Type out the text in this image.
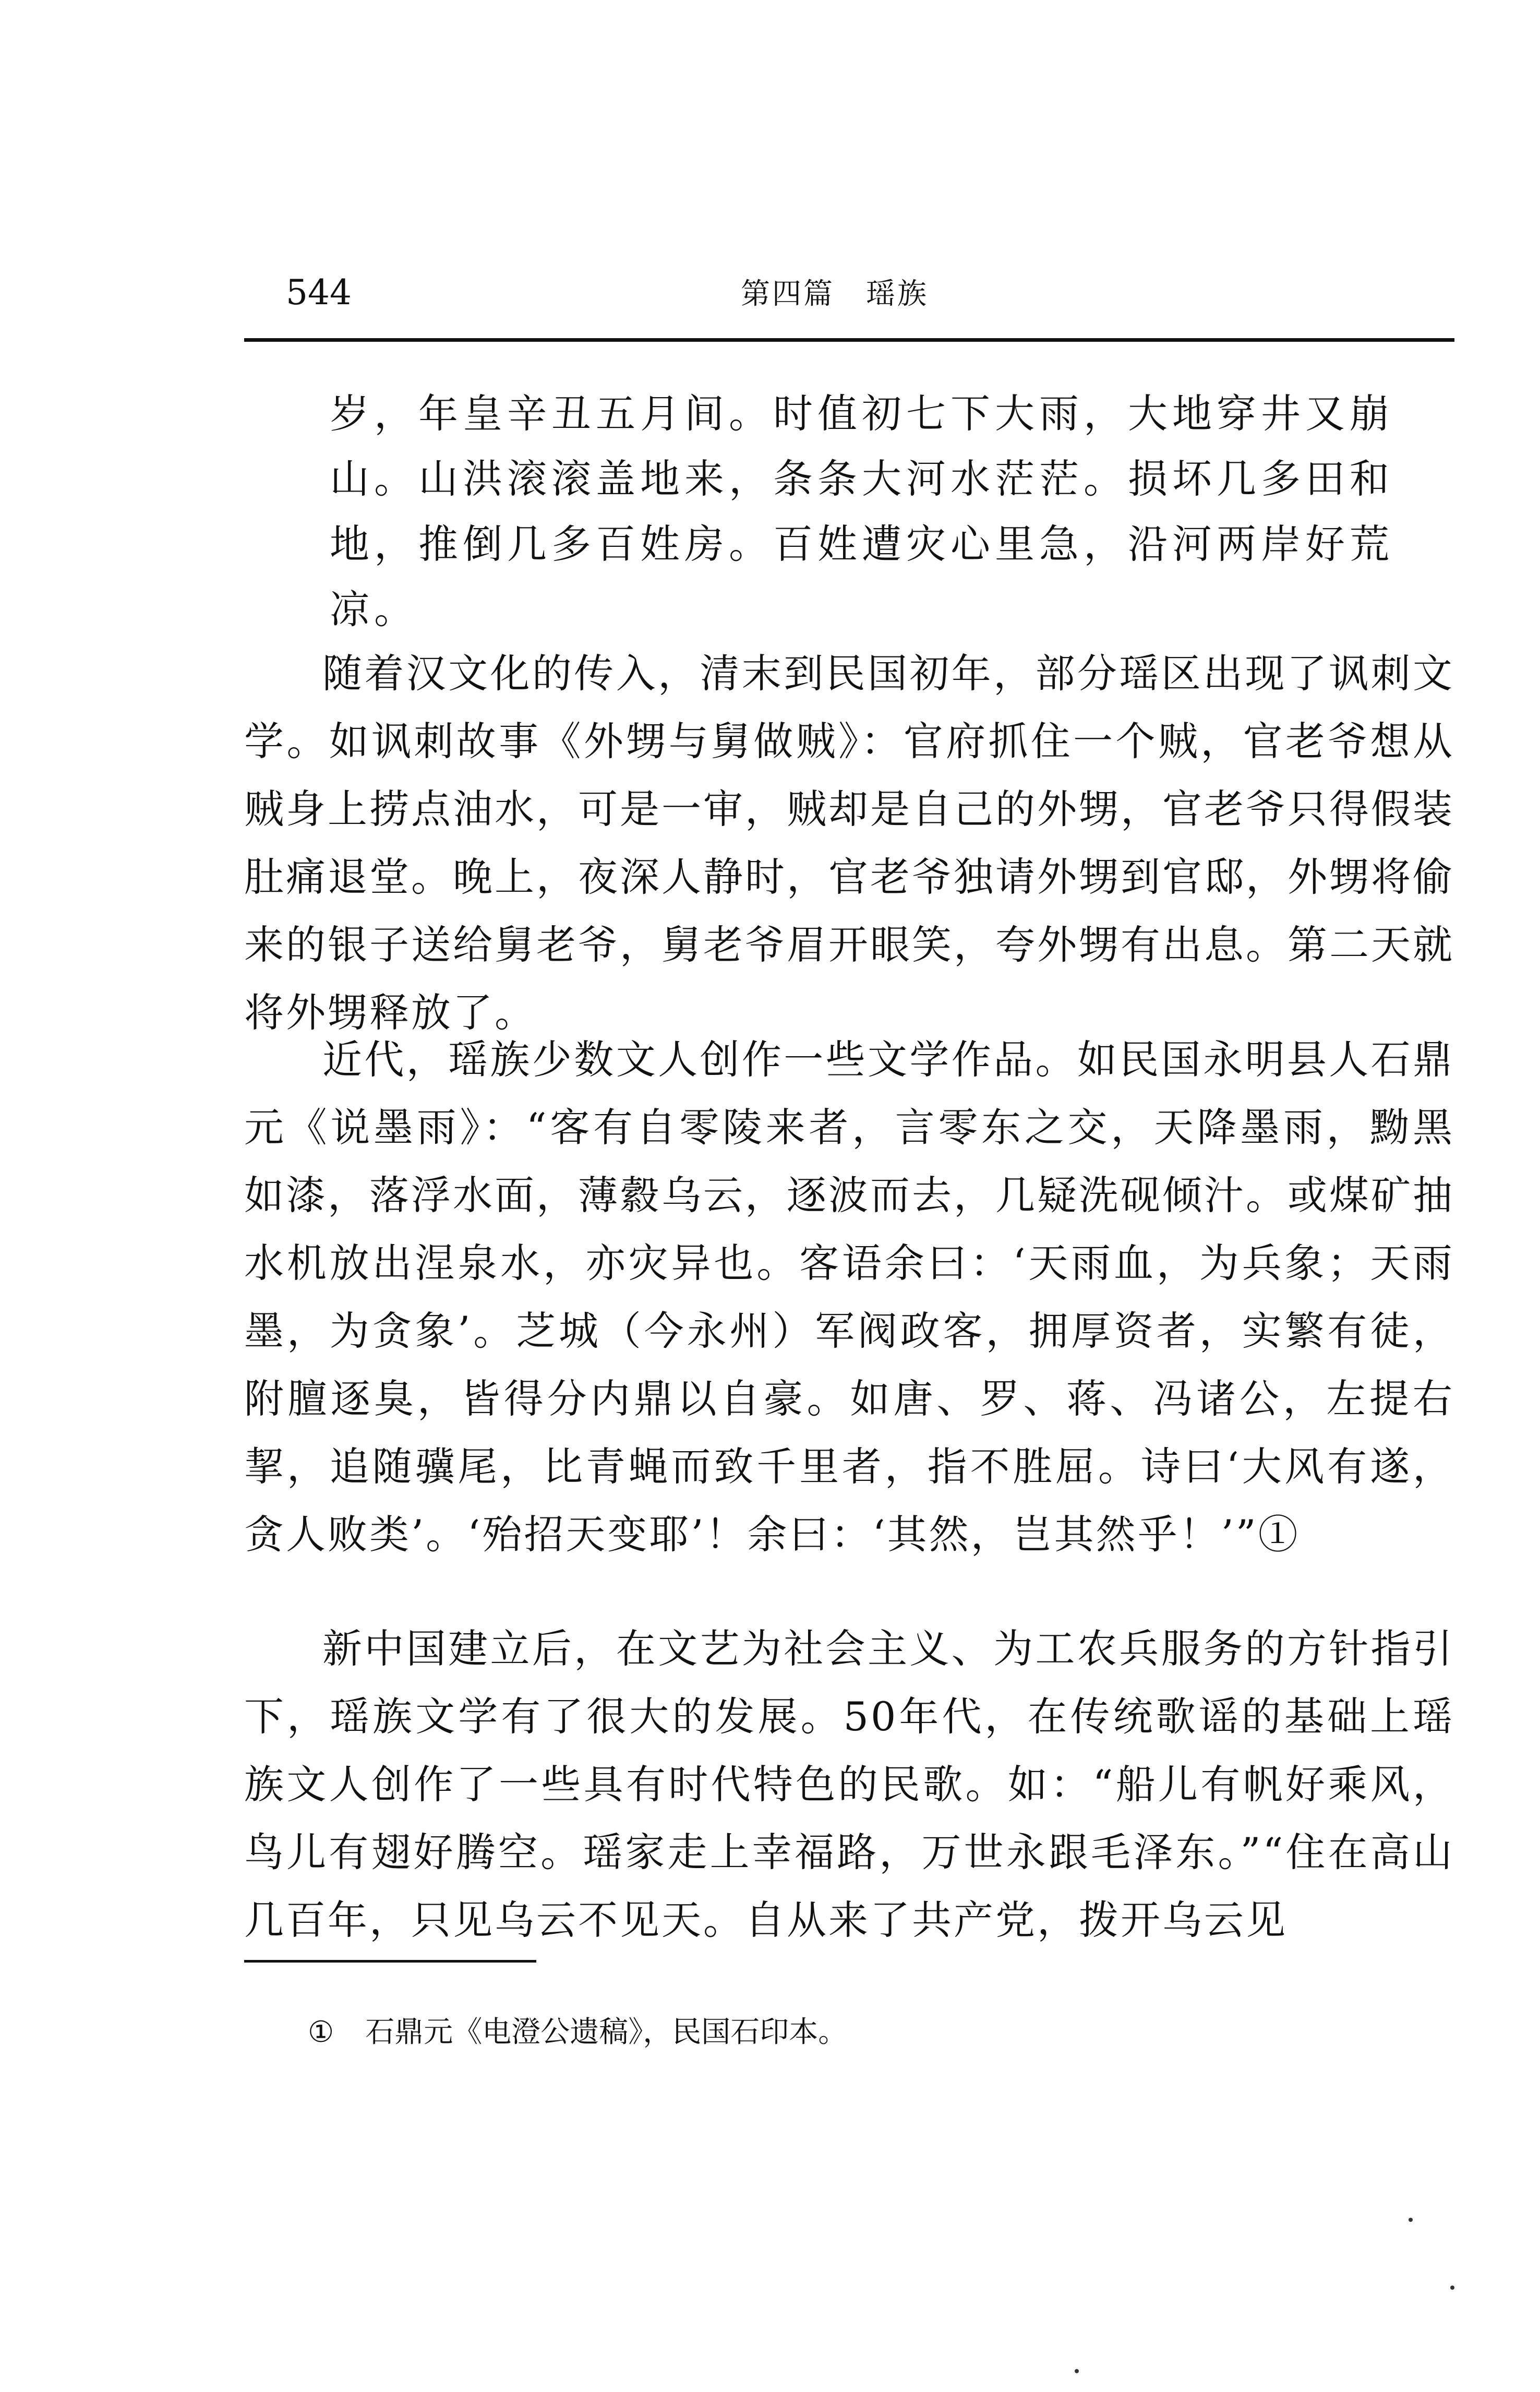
544	第四篇　瑶族
岁，年皇辛丑五月间。时值初七下大雨，大地穿井又崩
山。山洪滚滚盖地来，条条大河水茫茫。损坏几多田和
地，推倒几多百姓房。百姓遭灾心里急，沿河两岸好荒
凉。

随着汉文化的传入，清末到民国初年，部分瑶区出现了讽刺文学。如讽刺故事《外甥与舅做贼》：官府抓住一个贼，官老爷想从贼身上捞点油水，可是一审，贼却是自己的外甥，官老爷只得假装肚痛退堂。晚上，夜深人静时，官老爷独请外甥到官邸，外甥将偷来的银子送给舅老爷，舅老爷眉开眼笑，夸外甥有出息。第二天就将外甥释放了。

近代，瑶族少数文人创作一些文学作品。如民国永明县人石鼎元《说墨雨》：“客有自零陵来者，言零东之交，天降墨雨，黝黑如漆，落浮水面，薄縠乌云，逐波而去，几疑洗砚倾汁。或煤矿抽水机放出涅泉水，亦灾异也。客语余曰：‘天雨血，为兵象；天雨墨，为贪象’。芝城（今永州）军阀政客，拥厚资者，实繁有徒，附膻逐臭，皆得分内鼎以自豪。如唐、罗、蒋、冯诸公，左提右挈，追随骥尾，比青蝇而致千里者，指不胜屈。诗曰‘大风有遂，贪人败类’。‘殆招天变耶’！余曰：‘其然，岂其然乎！’”①

新中国建立后，在文艺为社会主义、为工农兵服务的方针指引下，瑶族文学有了很大的发展。50年代，在传统歌谣的基础上瑶族文人创作了一些具有时代特色的民歌。如：“船儿有帆好乘风，鸟儿有翅好腾空。瑶家走上幸福路，万世永跟毛泽东。”“住在高山几百年，只见乌云不见天。自从来了共产党，拨开乌云见

① 石鼎元《电澄公遗稿》，民国石印本。
